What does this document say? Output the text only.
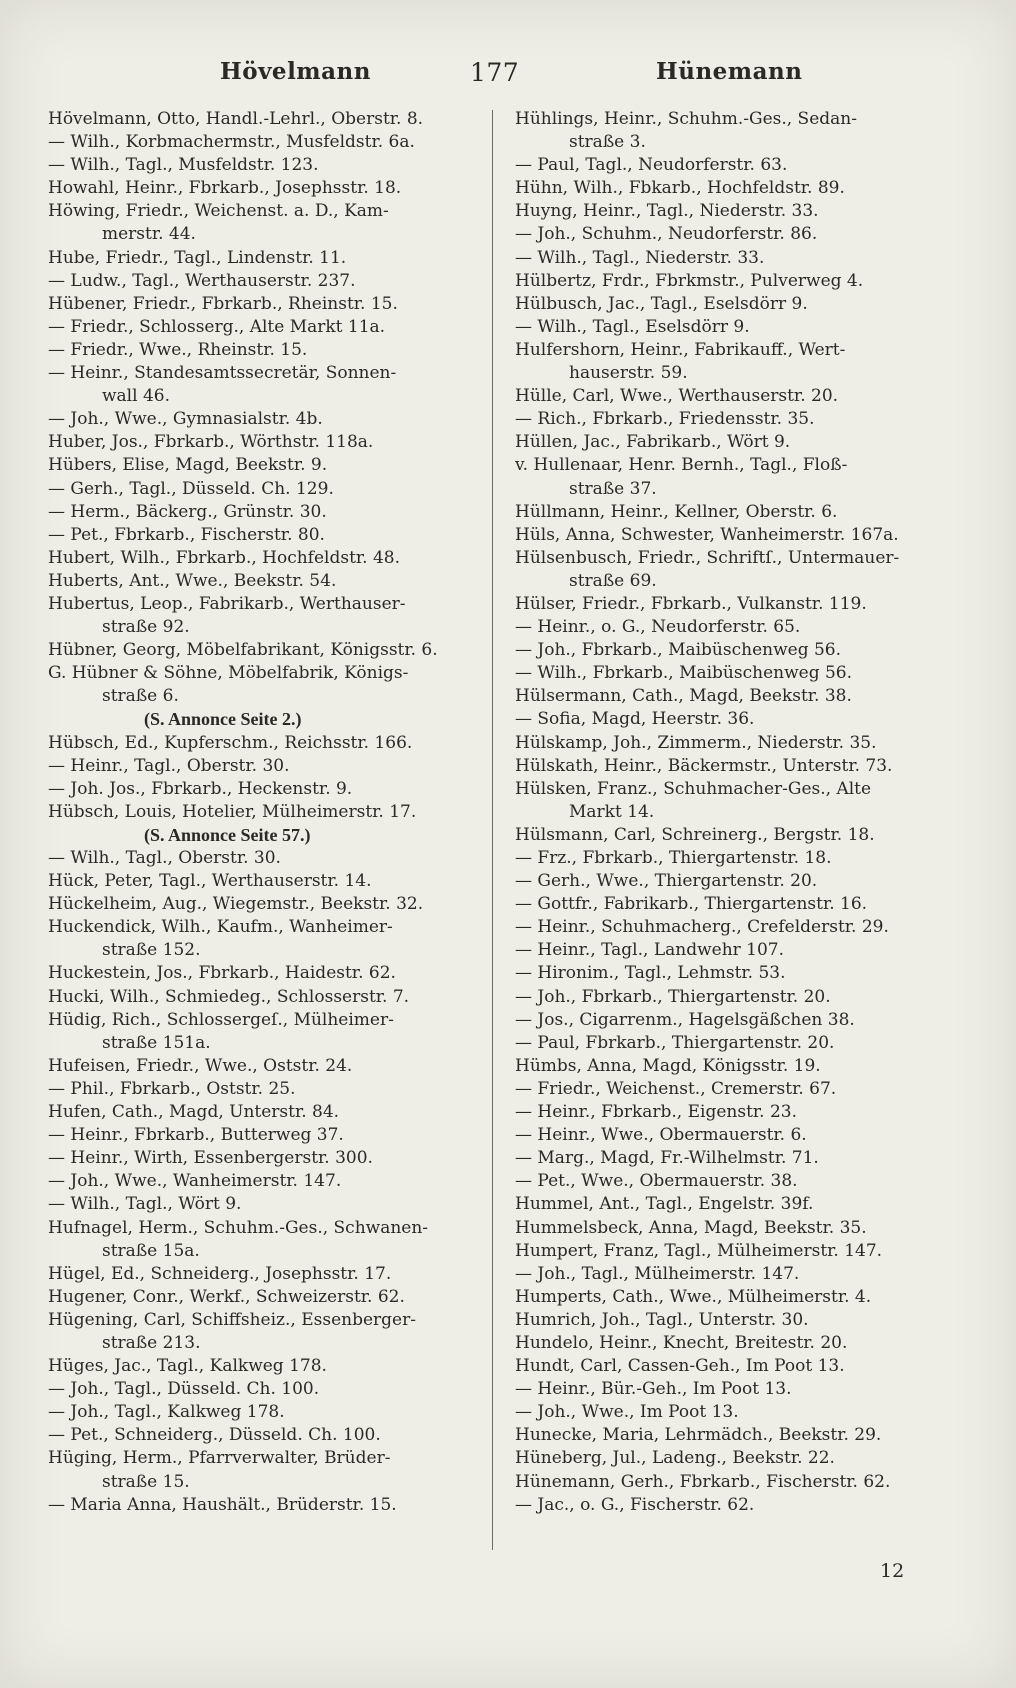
Hövelmann	177	Hünemann
Hövelmann, Otto, Handl.-Lehrl., Oberstr. 8.
— Wilh., Korbmachermstr., Musfeldstr. 6a.
— Wilh., Tagl., Musfeldstr. 123.
Howahl, Heinr., Fbrkarb., Josephsstr. 18.
Höwing, Friedr., Weichenst. a. D., Kam-
merstr. 44.
Hube, Friedr., Tagl., Lindenstr. 11.
— Ludw., Tagl., Werthauserstr. 237.
Hübener, Friedr., Fbrkarb., Rheinstr. 15.
— Friedr., Schlosserg., Alte Markt 11a.
— Friedr., Wwe., Rheinstr. 15.
— Heinr., Standesamtssecretär, Sonnen-
wall 46.
— Joh., Wwe., Gymnasialstr. 4b.
Huber, Jos., Fbrkarb., Wörthstr. 118a.
Hübers, Elise, Magd, Beekstr. 9.
— Gerh., Tagl., Düsseld. Ch. 129.
— Herm., Bäckerg., Grünstr. 30.
— Pet., Fbrkarb., Fischerstr. 80.
Hubert, Wilh., Fbrkarb., Hochfeldstr. 48.
Huberts, Ant., Wwe., Beekstr. 54.
Hubertus, Leop., Fabrikarb., Werthauser-
straße 92.
Hübner, Georg, Möbelfabrikant, Königsstr. 6.
G. Hübner & Söhne, Möbelfabrik, Königs-
straße 6.
(S. Annonce Seite 2.)
Hübsch, Ed., Kupferschm., Reichsstr. 166.
— Heinr., Tagl., Oberstr. 30.
— Joh. Jos., Fbrkarb., Heckenstr. 9.
Hübsch, Louis, Hotelier, Mülheimerstr. 17.
(S. Annonce Seite 57.)
— Wilh., Tagl., Oberstr. 30.
Hück, Peter, Tagl., Werthauserstr. 14.
Hückelheim, Aug., Wiegemstr., Beekstr. 32.
Huckendick, Wilh., Kaufm., Wanheimer-
straße 152.
Huckestein, Jos., Fbrkarb., Haidestr. 62.
Hucki, Wilh., Schmiedeg., Schlosserstr. 7.
Hüdig, Rich., Schlossergeſ., Mülheimer-
straße 151a.
Hufeisen, Friedr., Wwe., Oststr. 24.
— Phil., Fbrkarb., Oststr. 25.
Hufen, Cath., Magd, Unterstr. 84.
— Heinr., Fbrkarb., Butterweg 37.
— Heinr., Wirth, Essenbergerstr. 300.
— Joh., Wwe., Wanheimerstr. 147.
— Wilh., Tagl., Wört 9.
Hufnagel, Herm., Schuhm.-Ges., Schwanen-
straße 15a.
Hügel, Ed., Schneiderg., Josephsstr. 17.
Hugener, Conr., Werkf., Schweizerstr. 62.
Hügening, Carl, Schiffsheiz., Essenberger-
straße 213.
Hüges, Jac., Tagl., Kalkweg 178.
— Joh., Tagl., Düsseld. Ch. 100.
— Joh., Tagl., Kalkweg 178.
— Pet., Schneiderg., Düsseld. Ch. 100.
Hüging, Herm., Pfarrverwalter, Brüder-
straße 15.
— Maria Anna, Haushält., Brüderstr. 15.
Hühlings, Heinr., Schuhm.-Ges., Sedan-
straße 3.
— Paul, Tagl., Neudorferstr. 63.
Hühn, Wilh., Fbkarb., Hochfeldstr. 89.
Huyng, Heinr., Tagl., Niederstr. 33.
— Joh., Schuhm., Neudorferstr. 86.
— Wilh., Tagl., Niederstr. 33.
Hülbertz, Frdr., Fbrkmstr., Pulverweg 4.
Hülbusch, Jac., Tagl., Eselsdörr 9.
— Wilh., Tagl., Eselsdörr 9.
Hulfershorn, Heinr., Fabrikauff., Wert-
hauserstr. 59.
Hülle, Carl, Wwe., Werthauserstr. 20.
— Rich., Fbrkarb., Friedensstr. 35.
Hüllen, Jac., Fabrikarb., Wört 9.
v. Hullenaar, Henr. Bernh., Tagl., Floß-
straße 37.
Hüllmann, Heinr., Kellner, Oberstr. 6.
Hüls, Anna, Schwester, Wanheimerstr. 167a.
Hülsenbusch, Friedr., Schriftſ., Untermauer-
straße 69.
Hülser, Friedr., Fbrkarb., Vulkanstr. 119.
— Heinr., o. G., Neudorferstr. 65.
— Joh., Fbrkarb., Maibüschenweg 56.
— Wilh., Fbrkarb., Maibüschenweg 56.
Hülsermann, Cath., Magd, Beekstr. 38.
— Sofia, Magd, Heerstr. 36.
Hülskamp, Joh., Zimmerm., Niederstr. 35.
Hülskath, Heinr., Bäckermstr., Unterstr. 73.
Hülsken, Franz., Schuhmacher-Ges., Alte
Markt 14.
Hülsmann, Carl, Schreinerg., Bergstr. 18.
— Frz., Fbrkarb., Thiergartenstr. 18.
— Gerh., Wwe., Thiergartenstr. 20.
— Gottfr., Fabrikarb., Thiergartenstr. 16.
— Heinr., Schuhmacherg., Crefelderstr. 29.
— Heinr., Tagl., Landwehr 107.
— Hironim., Tagl., Lehmstr. 53.
— Joh., Fbrkarb., Thiergartenstr. 20.
— Jos., Cigarrenm., Hagelsgäßchen 38.
— Paul, Fbrkarb., Thiergartenstr. 20.
Hümbs, Anna, Magd, Königsstr. 19.
— Friedr., Weichenst., Cremerstr. 67.
— Heinr., Fbrkarb., Eigenstr. 23.
— Heinr., Wwe., Obermauerstr. 6.
— Marg., Magd, Fr.-Wilhelmstr. 71.
— Pet., Wwe., Obermauerstr. 38.
Hummel, Ant., Tagl., Engelstr. 39f.
Hummelsbeck, Anna, Magd, Beekstr. 35.
Humpert, Franz, Tagl., Mülheimerstr. 147.
— Joh., Tagl., Mülheimerstr. 147.
Humperts, Cath., Wwe., Mülheimerstr. 4.
Humrich, Joh., Tagl., Unterstr. 30.
Hundelo, Heinr., Knecht, Breitestr. 20.
Hundt, Carl, Cassen-Geh., Im Poot 13.
— Heinr., Bür.-Geh., Im Poot 13.
— Joh., Wwe., Im Poot 13.
Hunecke, Maria, Lehrmädch., Beekstr. 29.
Hüneberg, Jul., Ladeng., Beekstr. 22.
Hünemann, Gerh., Fbrkarb., Fischerstr. 62.
— Jac., o. G., Fischerstr. 62.
12
